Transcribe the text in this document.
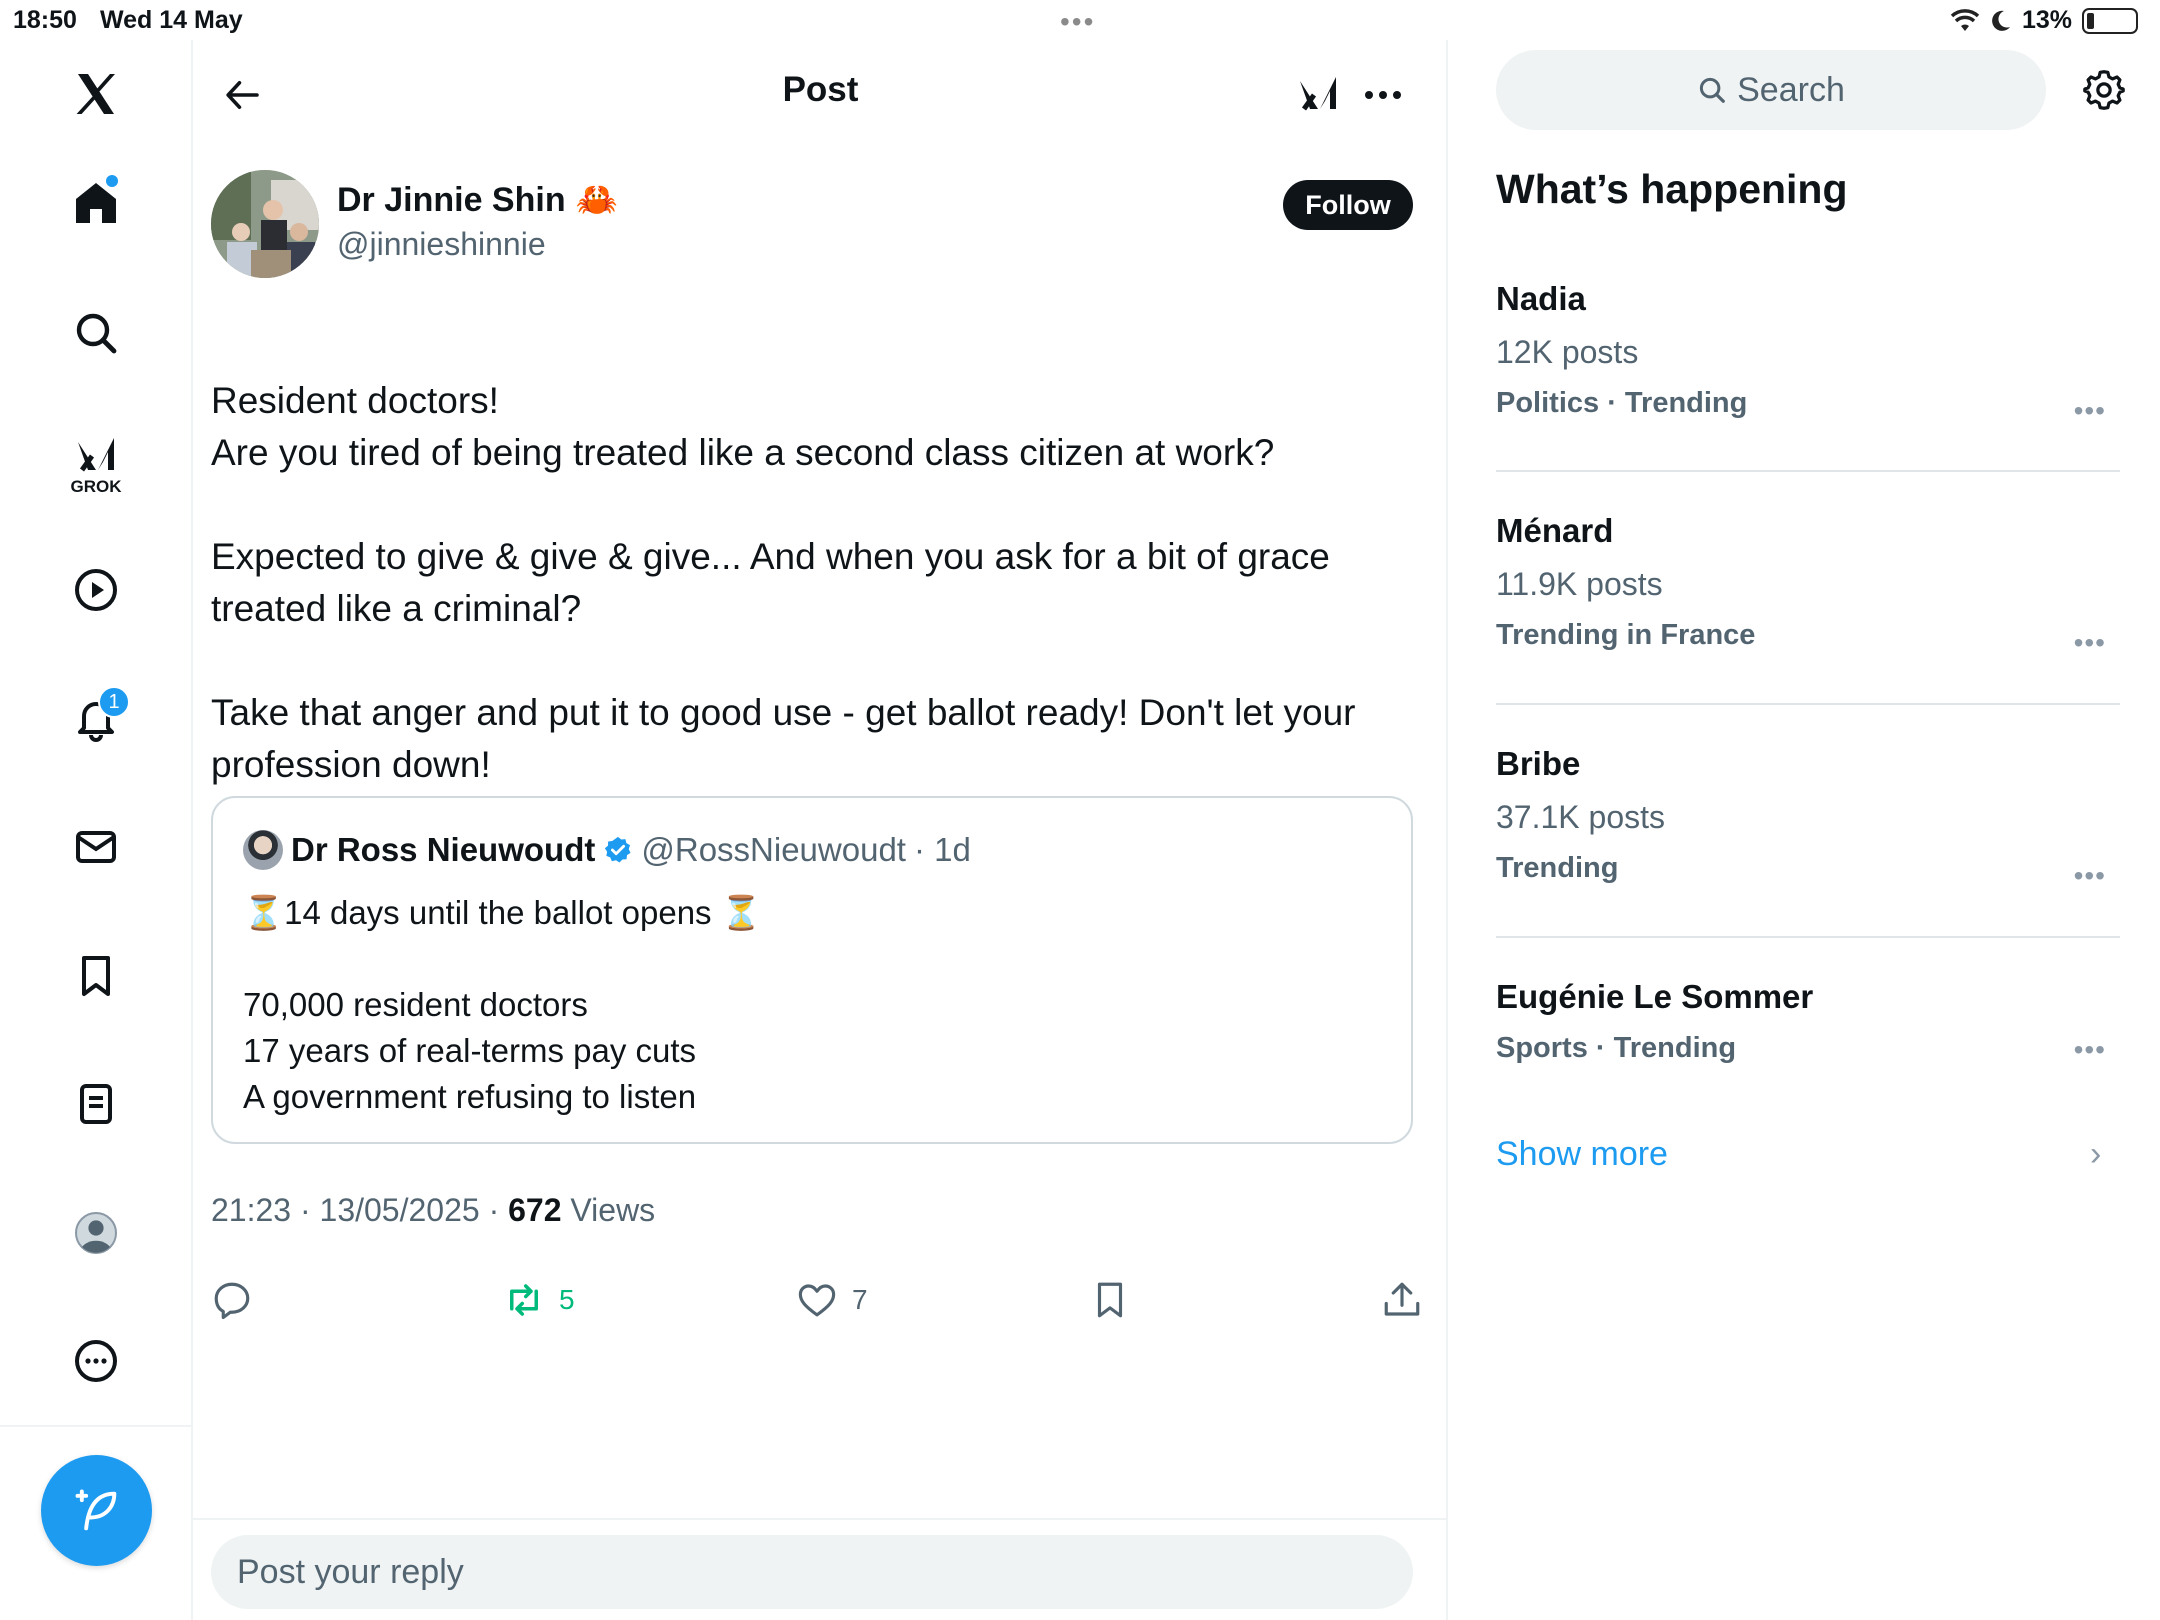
18:50 Wed 14 May	•••	13%
GROK
1
Post
Dr Jinnie Shin 🦀
@jinnieshinnie
Follow
Resident doctors!
Are you tired of being treated like a second class citizen at work?

Expected to give & give & give... And when you ask for a bit of grace treated like a criminal?

Take that anger and put it to good use - get ballot ready! Don't let your profession down!
Dr Ross Nieuwoudt @RossNieuwoudt · 1d
⏳14 days until the ballot opens ⏳

70,000 resident doctors
17 years of real-terms pay cuts
A government refusing to listen
21:23 · 13/05/2025 · 672 Views
5	7
Post your reply
Search
What’s happening
Nadia
12K posts
Politics · Trending	•••
Ménard
11.9K posts
Trending in France	•••
Bribe
37.1K posts
Trending	•••
Eugénie Le Sommer
Sports · Trending	•••
Show more	›
